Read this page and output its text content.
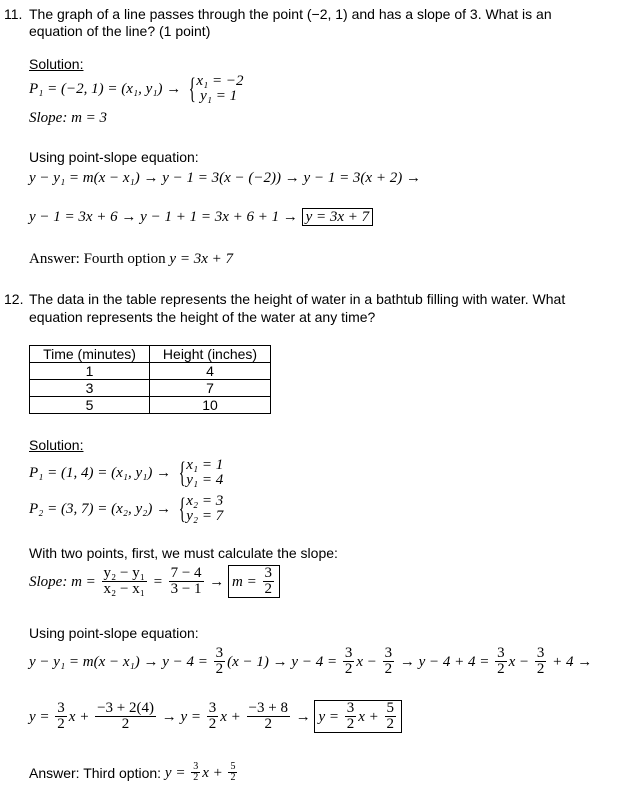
11. The graph of a line passes through the point (−2, 1) and has a slope of 3. What is an
equation of the line? (1 point)
Solution:
P₁ = (−2, 1) = (x₁, y₁) → { x₁ = −2
y₁ = 1
Slope: m = 3
Using point-slope equation:
y − y₁ = m(x − x₁) → y − 1 = 3(x − (−2)) → y − 1 = 3(x + 2) →
y − 1 = 3x + 6 → y − 1 + 1 = 3x + 6 + 1 → y = 3x + 7
Answer: Fourth option y = 3x + 7
12. The data in the table represents the height of water in a bathtub filling with water. What
equation represents the height of the water at any time?
Time (minutes)	Height (inches)
1	4
3	7
5	10
Solution:
P₁ = (1, 4) = (x₁, y₁) → { x₁ = 1
y₁ = 4
P₂ = (3, 7) = (x₂, y₂) → { x₂ = 3
y₂ = 7
With two points, first, we must calculate the slope:
Slope: $m = \frac{\text{y₂ − y₁}}{\text{x₂ − x₁}} = \frac{7 - 4}{3 - 1} \to m = \frac{3}{2}$
Using point-slope equation:
$y - y_1 = m(x - x_1) \to y - 4 = \frac{3}{2} (x - 1) \to y - 4 = \frac{3}{2}$ $x - \frac{3}{2} \to y - 4 + 4 = \frac{3}{2}$ $x - \frac{3}{2} + 4$ →
$y = \frac{3}{2}$ $x + \frac{-3 + 2(4)}{2} \to y = \frac{3}{2}$ $x + \frac{-3 + 8}{2} \to y = \frac{3}{2}$ $x + \frac{5}{2}$
Answer: Third option: $y = \frac{3}{2}$ $x + \frac{5}{2}$
